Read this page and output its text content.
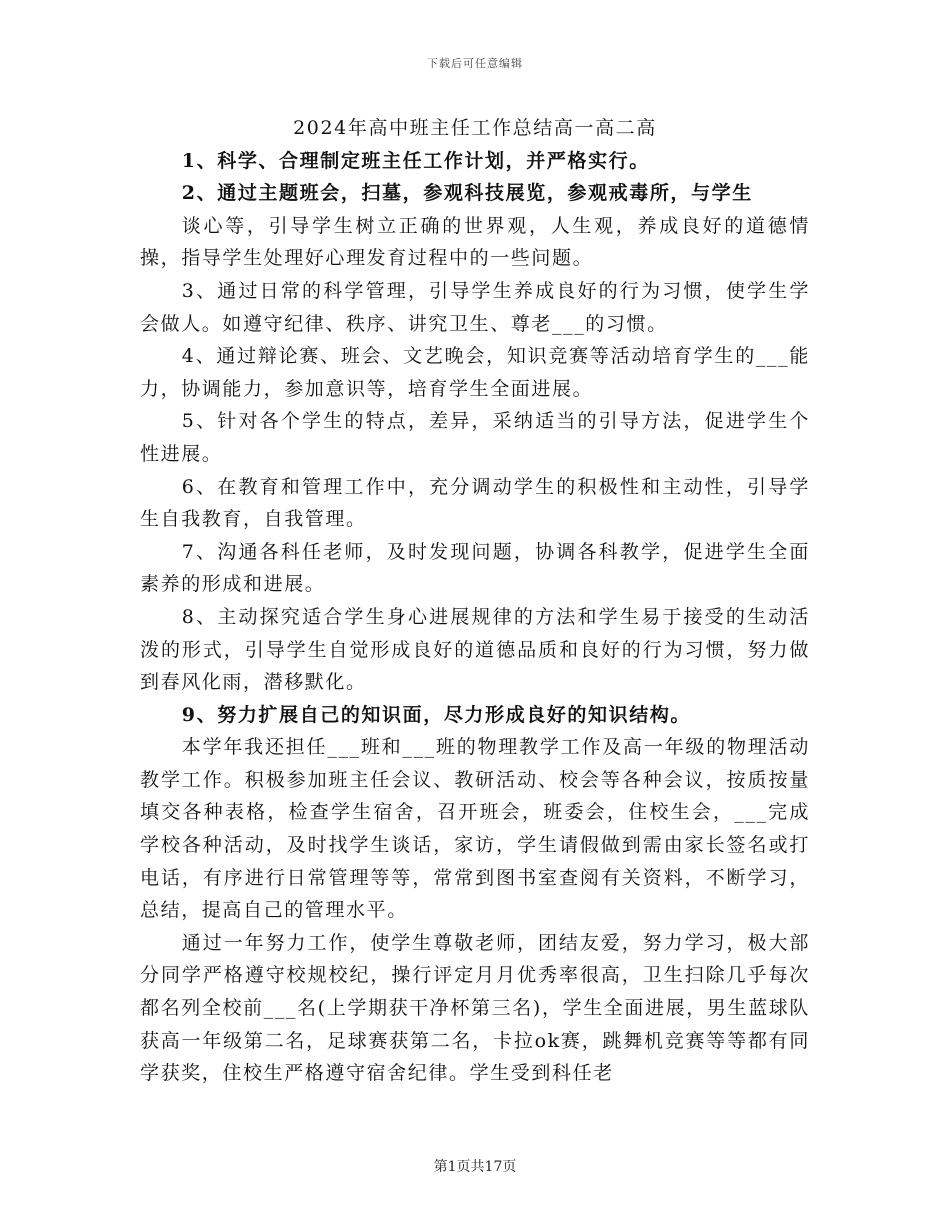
下载后可任意编辑
2024年高中班主任工作总结高一高二高

1、科学、合理制定班主任工作计划，并严格实行。

2、通过主题班会，扫墓，参观科技展览，参观戒毒所，与学生

谈心等，引导学生树立正确的世界观，人生观，养成良好的道德情操，指导学生处理好心理发育过程中的一些问题。

3、通过日常的科学管理，引导学生养成良好的行为习惯，使学生学会做人。如遵守纪律、秩序、讲究卫生、尊老___的习惯。

4、通过辩论赛、班会、文艺晚会，知识竞赛等活动培育学生的___能力，协调能力，参加意识等，培育学生全面进展。

5、针对各个学生的特点，差异，采纳适当的引导方法，促进学生个性进展。

6、在教育和管理工作中，充分调动学生的积极性和主动性，引导学生自我教育，自我管理。

7、沟通各科任老师，及时发现问题，协调各科教学，促进学生全面素养的形成和进展。

8、主动探究适合学生身心进展规律的方法和学生易于接受的生动活泼的形式，引导学生自觉形成良好的道德品质和良好的行为习惯，努力做到春风化雨，潜移默化。

9、努力扩展自己的知识面，尽力形成良好的知识结构。

本学年我还担任___班和___班的物理教学工作及高一年级的物理活动教学工作。积极参加班主任会议、教研活动、校会等各种会议，按质按量填交各种表格，检查学生宿舍，召开班会，班委会，住校生会，___完成学校各种活动，及时找学生谈话，家访，学生请假做到需由家长签名或打电话，有序进行日常管理等等，常常到图书室查阅有关资料，不断学习，总结，提高自己的管理水平。

通过一年努力工作，使学生尊敬老师，团结友爱，努力学习，极大部分同学严格遵守校规校纪，操行评定月月优秀率很高，卫生扫除几乎每次都名列全校前___名(上学期获干净杯第三名)，学生全面进展，男生蓝球队获高一年级第二名，足球赛获第二名，卡拉ok赛，跳舞机竞赛等等都有同学获奖，住校生严格遵守宿舍纪律。学生受到科任老

第1页共17页
